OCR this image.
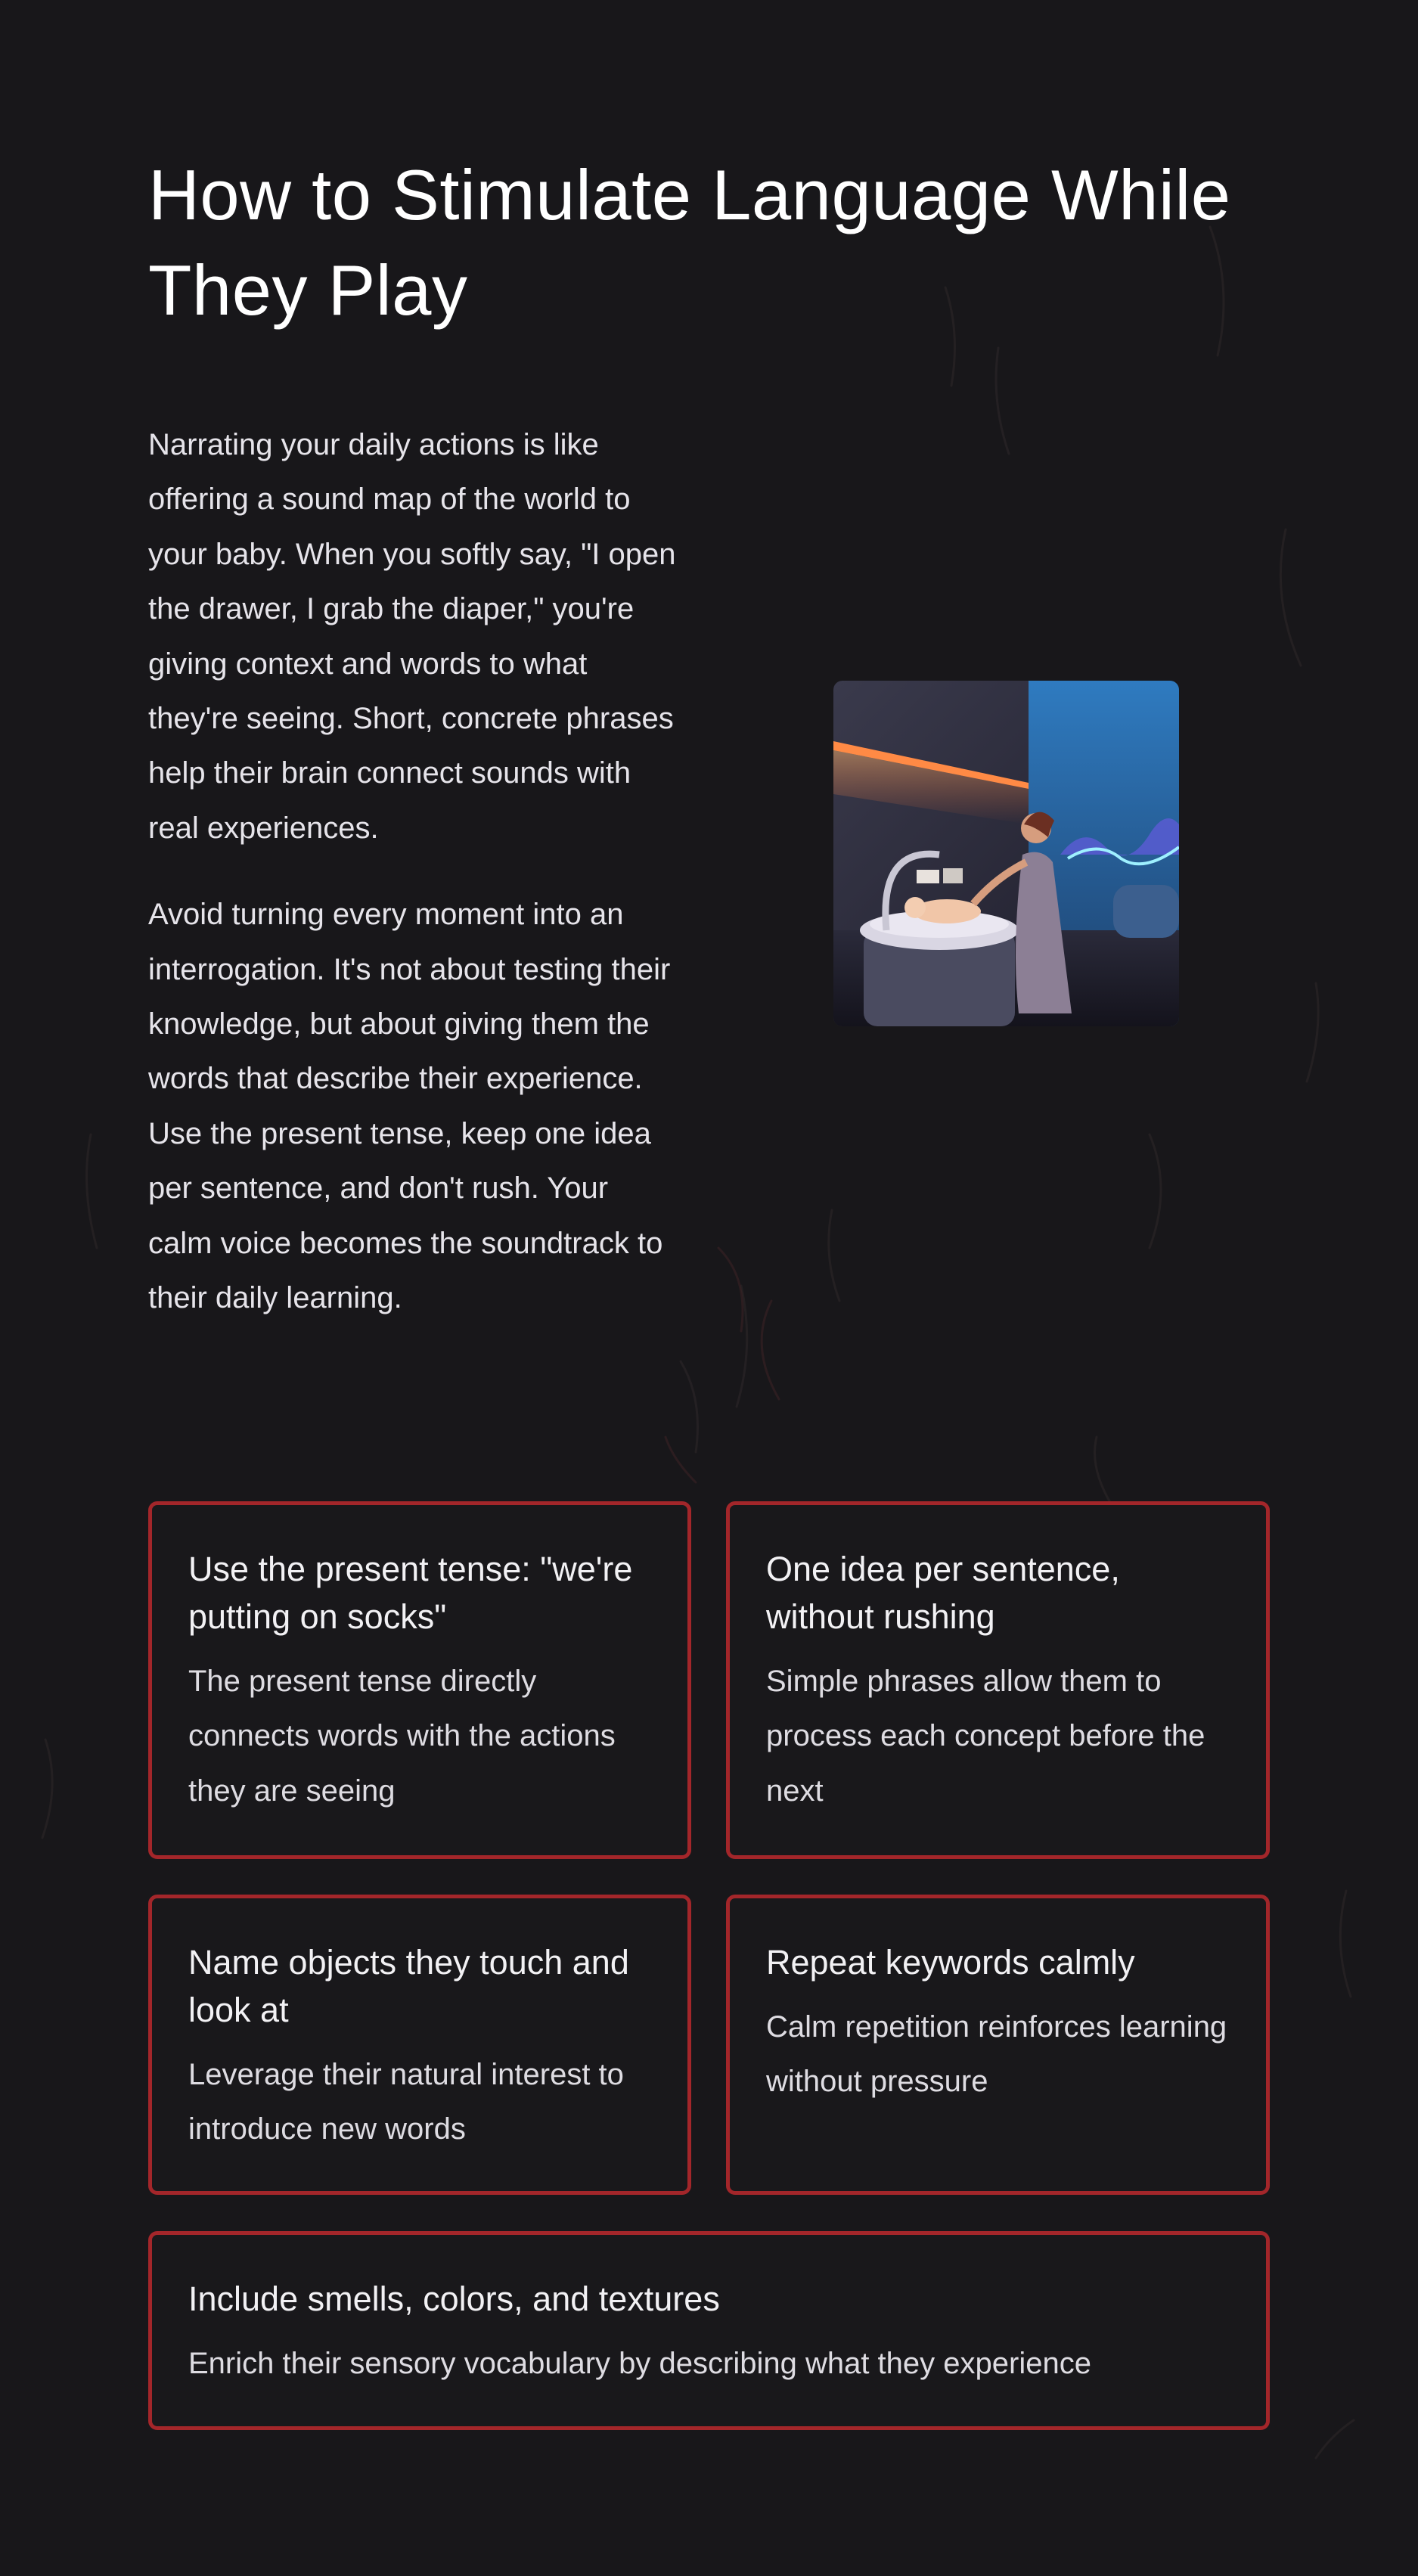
How to Stimulate Language While They Play

Narrating your daily actions is like offering a sound map of the world to your baby. When you softly say, "I open the drawer, I grab the diaper," you're giving context and words to what they're seeing. Short, concrete phrases help their brain connect sounds with real experiences.

Avoid turning every moment into an interrogation. It's not about testing their knowledge, but about giving them the words that describe their experience. Use the present tense, keep one idea per sentence, and don't rush. Your calm voice becomes the soundtrack to their daily learning.

Use the present tense: "we're putting on socks"

The present tense directly connects words with the actions they are seeing

One idea per sentence, without rushing

Simple phrases allow them to process each concept before the next

Name objects they touch and look at

Leverage their natural interest to introduce new words

Repeat keywords calmly

Calm repetition reinforces learning without pressure

Include smells, colors, and textures

Enrich their sensory vocabulary by describing what they experience
